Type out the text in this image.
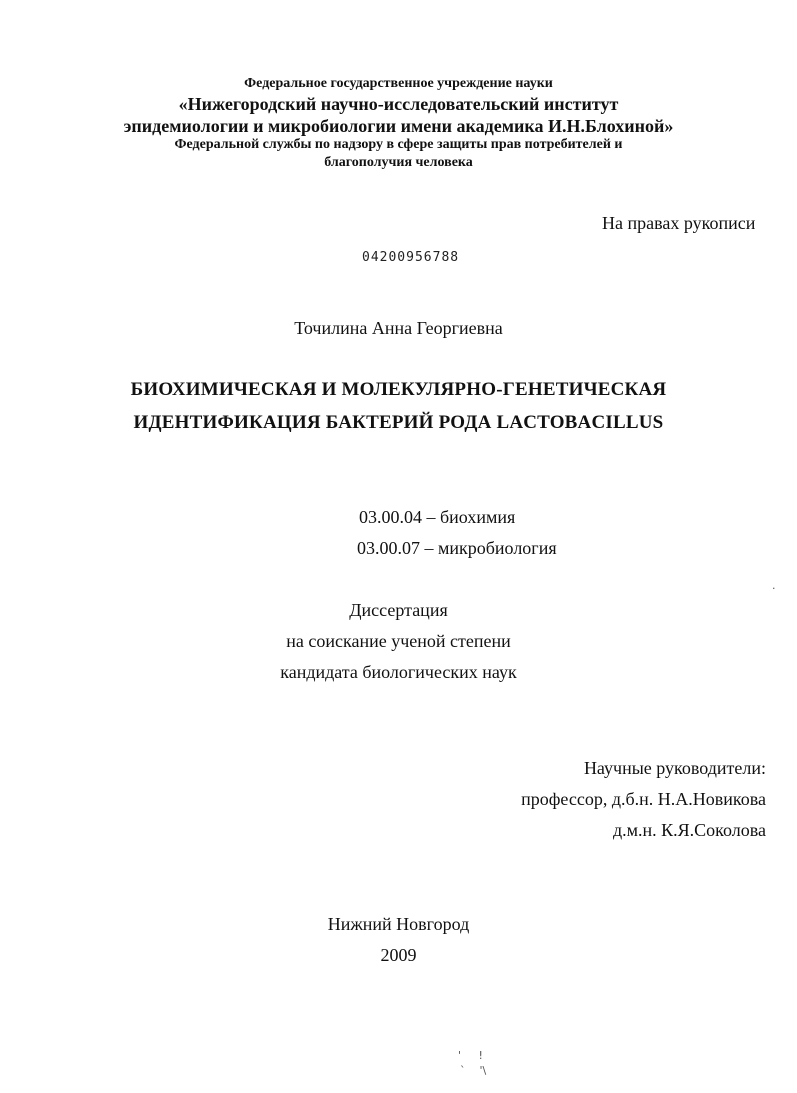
Федеральное государственное учреждение науки

«Нижегородский научно-исследовательский институт

эпидемиологии и микробиологии имени академика И.Н.Блохиной»

Федеральной службы по надзору в сфере защиты прав потребителей и

благополучия человека

На правах рукописи

04200956788

Точилина Анна Георгиевна

БИОХИМИЧЕСКАЯ И МОЛЕКУЛЯРНО-ГЕНЕТИЧЕСКАЯ

ИДЕНТИФИКАЦИЯ БАКТЕРИЙ РОДА LACTOBACILLUS

03.00.04 – биохимия

03.00.07 – микробиология

Диссертация

на соискание ученой степени

кандидата биологических наук

Научные руководители:

профессор, д.б.н. Н.А.Новикова

д.м.н. К.Я.Соколова

Нижний Новгород

2009

·
'     !
`    '\
